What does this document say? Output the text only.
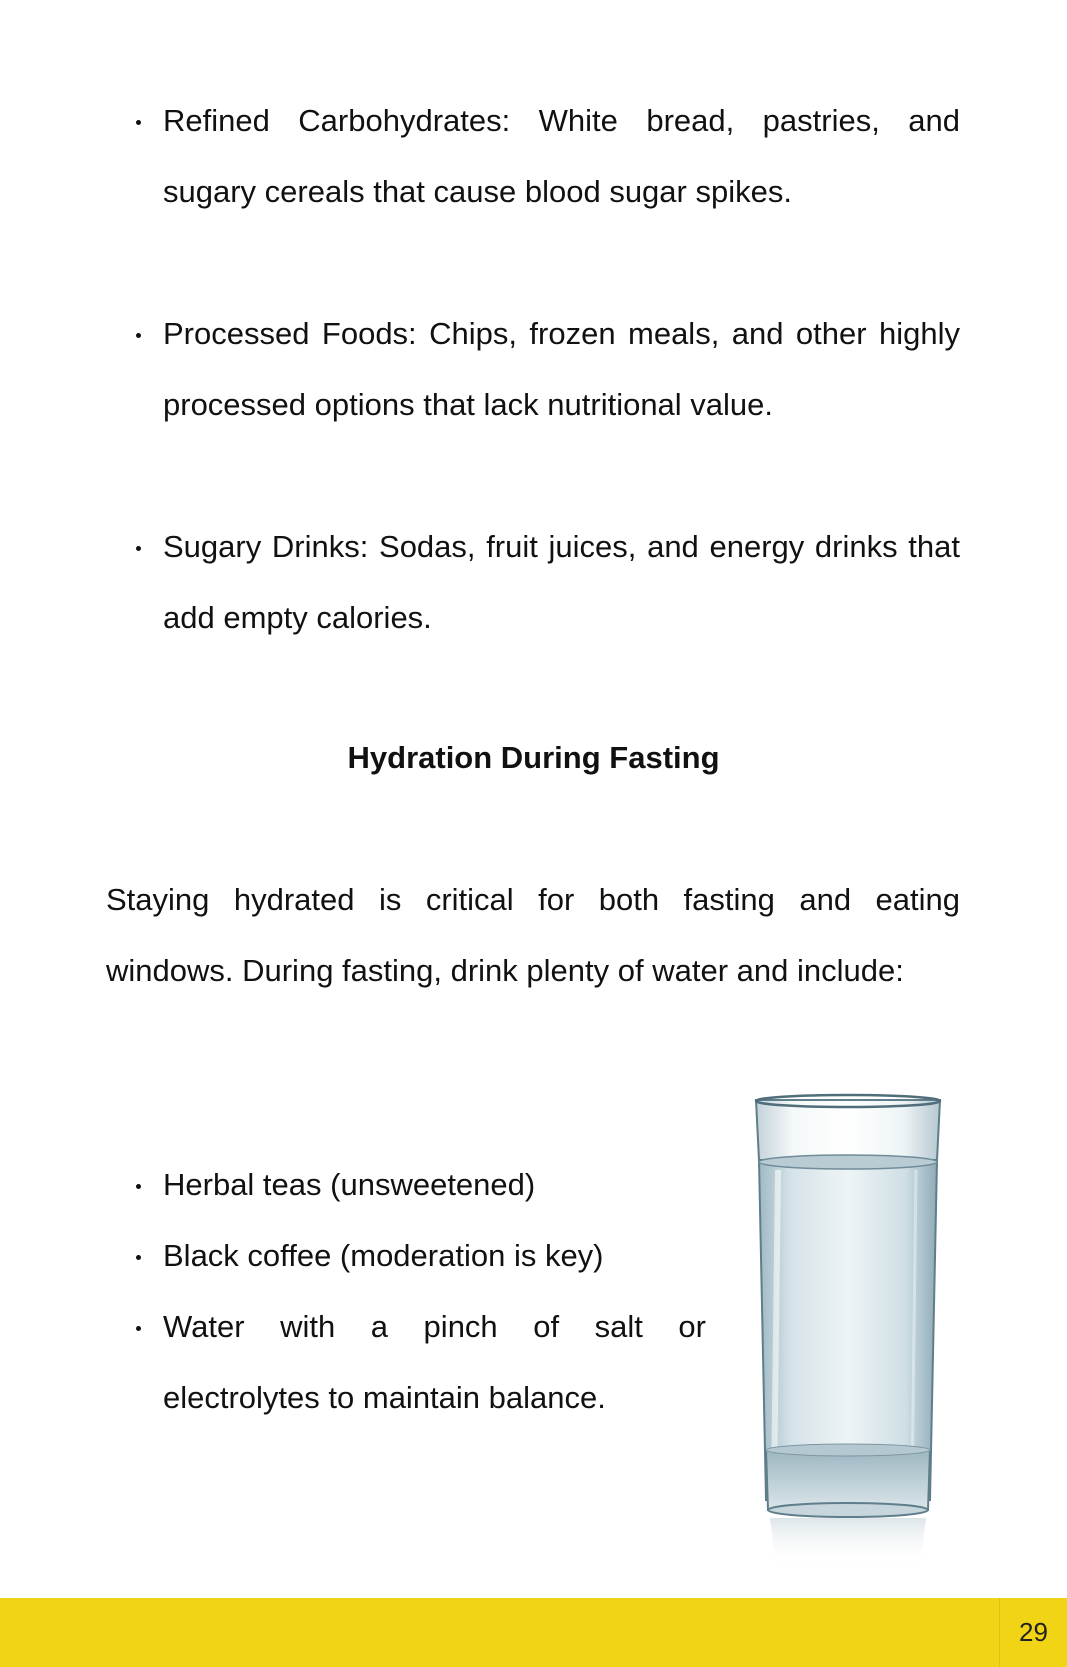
Refined Carbohydrates: White bread, pastries, and sugary cereals that cause blood sugar spikes.
Processed Foods: Chips, frozen meals, and other highly processed options that lack nutritional value.
Sugary Drinks: Sodas, fruit juices, and energy drinks that add empty calories.
Hydration During Fasting

Staying hydrated is critical for both fasting and eating windows. During fasting, drink plenty of water and include:

Herbal teas (unsweetened)
Black coffee (moderation is key)
Water with a pinch of salt or electrolytes to maintain balance.
29
